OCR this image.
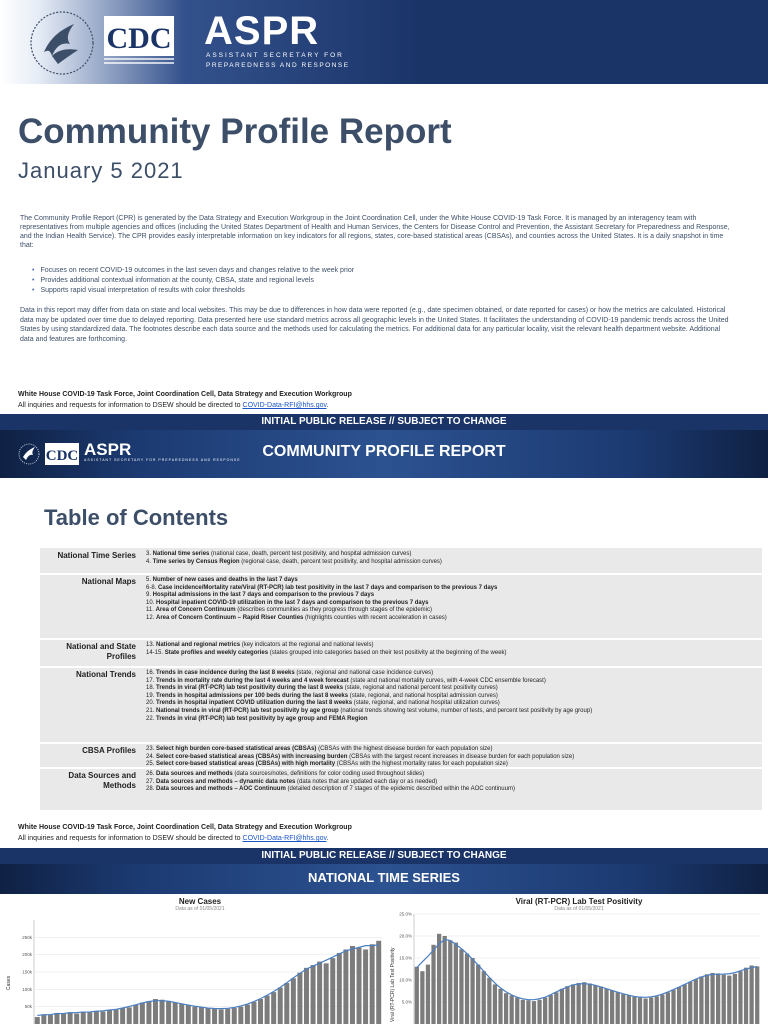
CDC ASPR
ASSISTANT SECRETARY FOR
PREPAREDNESS AND RESPONSE
Community Profile Report
January 5 2021

The Community Profile Report (CPR) is generated by the Data Strategy and Execution Workgroup in the Joint Coordination Cell, under the White House COVID-19 Task Force. It is managed by an interagency team with representatives from multiple agencies and offices (including the United States Department of Health and Human Services, the Centers for Disease Control and Prevention, the Assistant Secretary for Preparedness and Response, and the Indian Health Service). The CPR provides easily interpretable information on key indicators for all regions, states, core-based statistical areas (CBSAs), and counties across the United States. It is a daily snapshot in time that:

• Focuses on recent COVID-19 outcomes in the last seven days and changes relative to the week prior
• Provides additional contextual information at the county, CBSA, state and regional levels
• Supports rapid visual interpretation of results with color thresholds

Data in this report may differ from data on state and local websites. This may be due to differences in how data were reported (e.g., date specimen obtained, or date reported for cases) or how the metrics are calculated. Historical data may be updated over time due to delayed reporting. Data presented here use standard metrics across all geographic levels in the United States. It facilitates the understanding of COVID-19 pandemic trends across the United States by using standardized data. The footnotes describe each data source and the methods used for calculating the metrics. For additional data for any particular locality, visit the relevant health department website. Additional data and features are forthcoming.

White House COVID-19 Task Force, Joint Coordination Cell, Data Strategy and Execution Workgroup
All inquiries and requests for information to DSEW should be directed to COVID-Data-RFI@hhs.gov.
INITIAL PUBLIC RELEASE // SUBJECT TO CHANGE
CDC ASPR
ASSISTANT SECRETARY FOR PREPAREDNESS AND RESPONSE	COMMUNITY PROFILE REPORT
Table of Contents
National Time Series 3. National time series (national case, death, percent test positivity, and hospital admission curves)
4. Time series by Census Region (regional case, death, percent test positivity, and hospital admission curves)
National Maps 5. Number of new cases and deaths in the last 7 days
6-8. Case incidence/Mortality rate/Viral (RT-PCR) lab test positivity in the last 7 days and comparison to the previous 7 days
9. Hospital admissions in the last 7 days and comparison to the previous 7 days
10. Hospital inpatient COVID-19 utilization in the last 7 days and comparison to the previous 7 days
11. Area of Concern Continuum (describes communities as they progress through stages of the epidemic)
12. Area of Concern Continuum – Rapid Riser Counties (highlights counties with recent acceleration in cases)
National and State Profiles
13. National and regional metrics (key indicators at the regional and national levels)
14-15. State profiles and weekly categories (states grouped into categories based on their test positivity at the beginning of the week)
National Trends 16. Trends in case incidence during the last 8 weeks (state, regional and national case incidence curves)
17. Trends in mortality rate during the last 4 weeks and 4 week forecast (state and national mortality curves, with 4-week CDC ensemble forecast)
18. Trends in viral (RT-PCR) lab test positivity during the last 8 weeks (state, regional and national percent test positivity curves)
19. Trends in hospital admissions per 100 beds during the last 8 weeks (state, regional, and national hospital admission curves)
20. Trends in hospital inpatient COVID utilization during the last 8 weeks (state, regional, and national hospital utilization curves)
21. National trends in viral (RT-PCR) lab test positivity by age group (national trends showing test volume, number of tests, and percent test positivity by age group)
22. Trends in viral (RT-PCR) lab test positivity by age group and FEMA Region
CBSA Profiles 23. Select high burden core-based statistical areas (CBSAs) (CBSAs with the highest disease burden for each population size)
24. Select core-based statistical areas (CBSAs) with increasing burden (CBSAs with the largest recent increases in disease burden for each population size)
25. Select core-based statistical areas (CBSAs) with high mortality (CBSAs with the highest mortality rates for each population size)
Data Sources and Methods
26. Data sources and methods (data sources/notes, definitions for color coding used throughout slides)
27. Data sources and methods – dynamic data notes (data notes that are updated each day or as needed)
28. Data sources and methods – AOC Continuum (detailed description of 7 stages of the epidemic described within the AOC continuum)
White House COVID-19 Task Force, Joint Coordination Cell, Data Strategy and Execution Workgroup
All inquiries and requests for information to DSEW should be directed to COVID-Data-RFI@hhs.gov.
INITIAL PUBLIC RELEASE // SUBJECT TO CHANGE
NATIONAL TIME SERIES
New Cases
Data as of 01/05/2021
Viral (RT-PCR) Lab Test Positivity
Data as of 01/05/2021
Cases	Viral (RT-PCR) Lab Test Positivity
250k
200k
150k
100k
50k
25.0%
20.0%
15.0%
10.0%
5.0%
